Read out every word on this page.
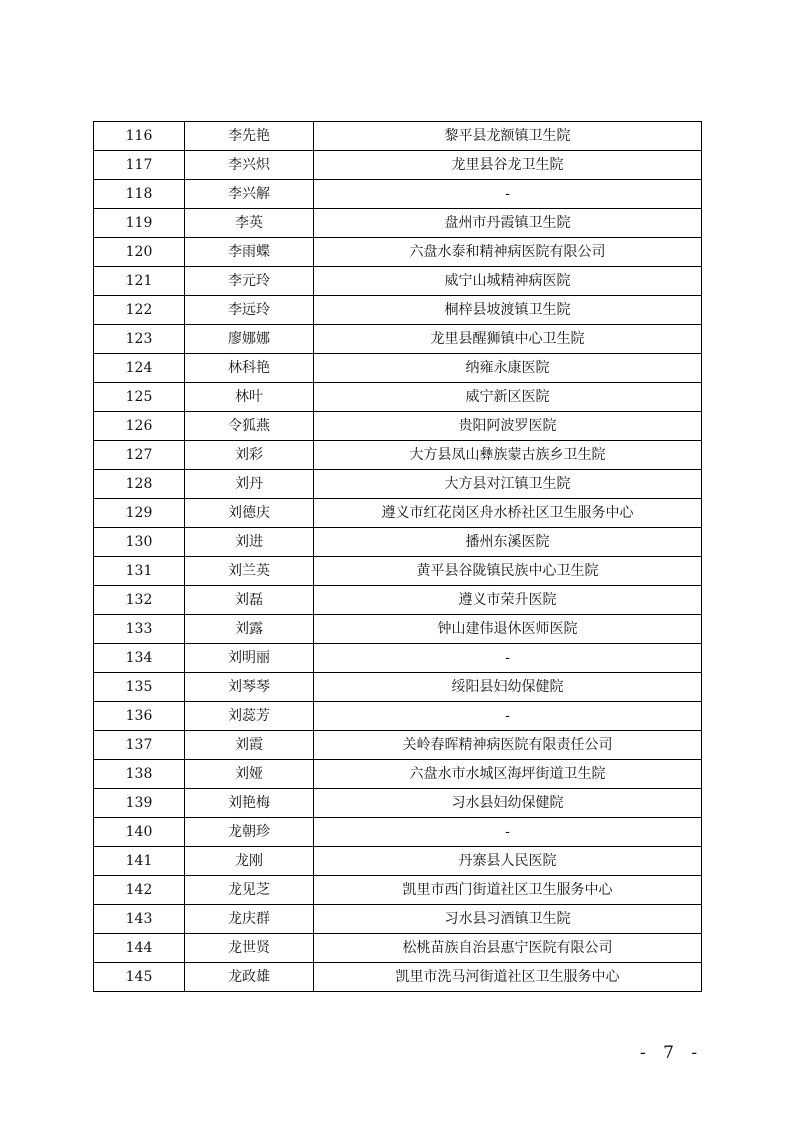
116	李先艳	黎平县龙额镇卫生院
117	李兴炽	龙里县谷龙卫生院
118	李兴解	-
119	李英	盘州市丹霞镇卫生院
120	李雨蝶	六盘水泰和精神病医院有限公司
121	李元玲	威宁山城精神病医院
122	李远玲	桐梓县坡渡镇卫生院
123	廖娜娜	龙里县醒狮镇中心卫生院
124	林科艳	纳雍永康医院
125	林叶	威宁新区医院
126	令狐燕	贵阳阿波罗医院
127	刘彩	大方县凤山彝族蒙古族乡卫生院
128	刘丹	大方县对江镇卫生院
129	刘德庆	遵义市红花岗区舟水桥社区卫生服务中心
130	刘进	播州东溪医院
131	刘兰英	黄平县谷陇镇民族中心卫生院
132	刘磊	遵义市荣升医院
133	刘露	钟山建伟退休医师医院
134	刘明丽	-
135	刘琴琴	绥阳县妇幼保健院
136	刘蕊芳	-
137	刘霞	关岭春晖精神病医院有限责任公司
138	刘娅	六盘水市水城区海坪街道卫生院
139	刘艳梅	习水县妇幼保健院
140	龙朝珍	-
141	龙刚	丹寨县人民医院
142	龙见芝	凯里市西门街道社区卫生服务中心
143	龙庆群	习水县习酒镇卫生院
144	龙世贤	松桃苗族自治县惠宁医院有限公司
145	龙政雄	凯里市洗马河街道社区卫生服务中心
- 7 -
